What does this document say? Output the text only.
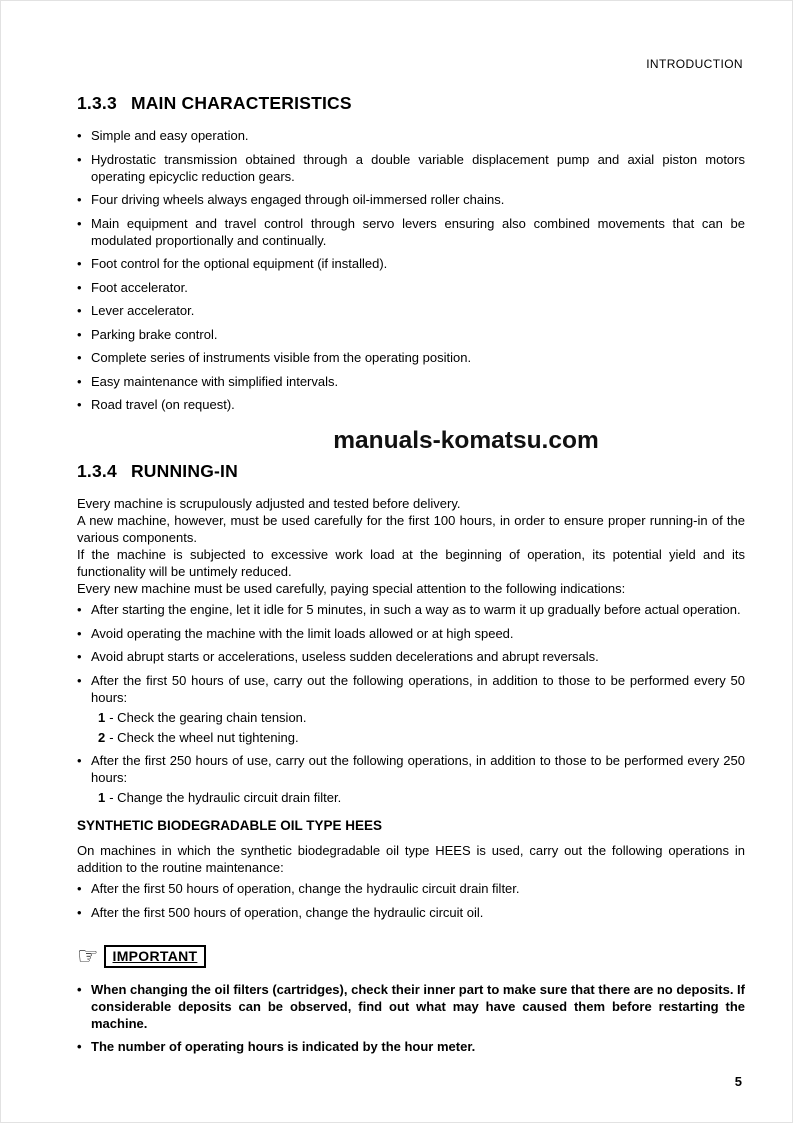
INTRODUCTION
1.3.3 MAIN CHARACTERISTICS
• Simple and easy operation.
• Hydrostatic transmission obtained through a double variable displacement pump and axial piston motors operating epicyclic reduction gears.
• Four driving wheels always engaged through oil-immersed roller chains.
• Main equipment and travel control through servo levers ensuring also combined movements that can be modulated proportionally and continually.
• Foot control for the optional equipment (if installed).
• Foot accelerator.
• Lever accelerator.
• Parking brake control.
• Complete series of instruments visible from the operating position.
• Easy maintenance with simplified intervals.
• Road travel (on request).
manuals-komatsu.com
1.3.4 RUNNING-IN

Every machine is scrupulously adjusted and tested before delivery.

A new machine, however, must be used carefully for the first 100 hours, in order to ensure proper running-in of the various components.

If the machine is subjected to excessive work load at the beginning of operation, its potential yield and its functionality will be untimely reduced.

Every new machine must be used carefully, paying special attention to the following indications:

• After starting the engine, let it idle for 5 minutes, in such a way as to warm it up gradually before actual operation.
• Avoid operating the machine with the limit loads allowed or at high speed.
• Avoid abrupt starts or accelerations, useless sudden decelerations and abrupt reversals.
• After the first 50 hours of use, carry out the following operations, in addition to those to be performed every 50 hours:
1 - Check the gearing chain tension.
2 - Check the wheel nut tightening.
• After the first 250 hours of use, carry out the following operations, in addition to those to be performed every 250 hours:
1 - Change the hydraulic circuit drain filter.
SYNTHETIC BIODEGRADABLE OIL TYPE HEES

On machines in which the synthetic biodegradable oil type HEES is used, carry out the following operations in addition to the routine maintenance:

• After the first 50 hours of operation, change the hydraulic circuit drain filter.
• After the first 500 hours of operation, change the hydraulic circuit oil.
☞	IMPORTANT
• When changing the oil filters (cartridges), check their inner part to make sure that there are no deposits. If considerable deposits can be observed, find out what may have caused them before restarting the machine.
• The number of operating hours is indicated by the hour meter.
5
